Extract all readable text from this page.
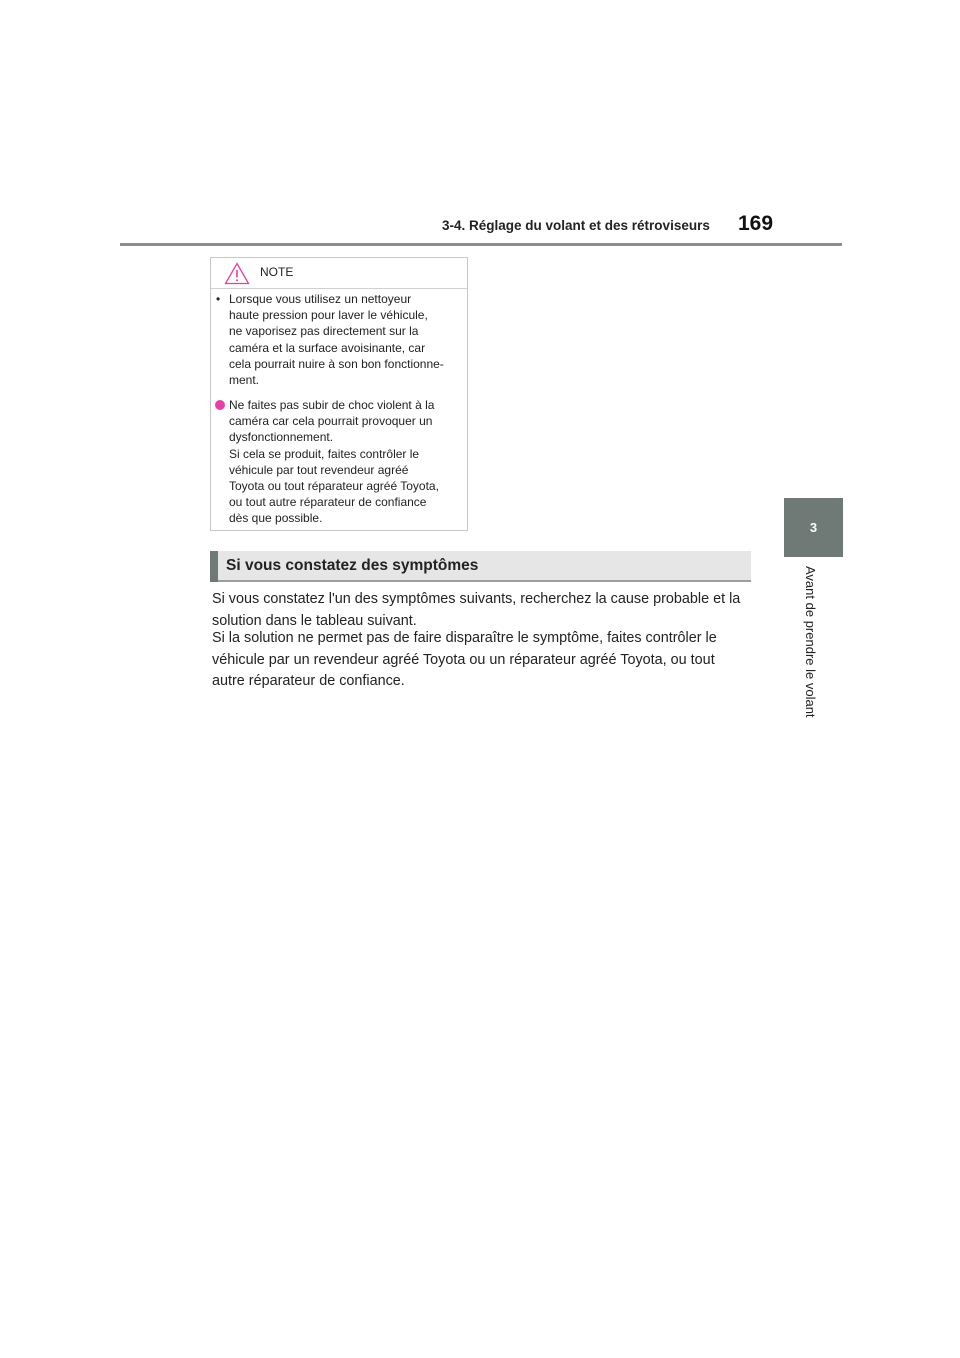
3-4. Réglage du volant et des rétroviseurs 169
3
Avant de prendre le volant
NOTE
• Lorsque vous utilisez un nettoyeur
haute pression pour laver le véhicule,
ne vaporisez pas directement sur la
caméra et la surface avoisinante, car
cela pourrait nuire à son bon fonctionne-
ment.
Ne faites pas subir de choc violent à la
caméra car cela pourrait provoquer un
dysfonctionnement.
Si cela se produit, faites contrôler le
véhicule par tout revendeur agréé
Toyota ou tout réparateur agréé Toyota,
ou tout autre réparateur de confiance
dès que possible.
Si vous constatez des symptômes
Si vous constatez l'un des symptômes suivants, recherchez la cause probable et la
solution dans le tableau suivant.
Si la solution ne permet pas de faire disparaître le symptôme, faites contrôler le
véhicule par un revendeur agréé Toyota ou un réparateur agréé Toyota, ou tout
autre réparateur de confiance.
